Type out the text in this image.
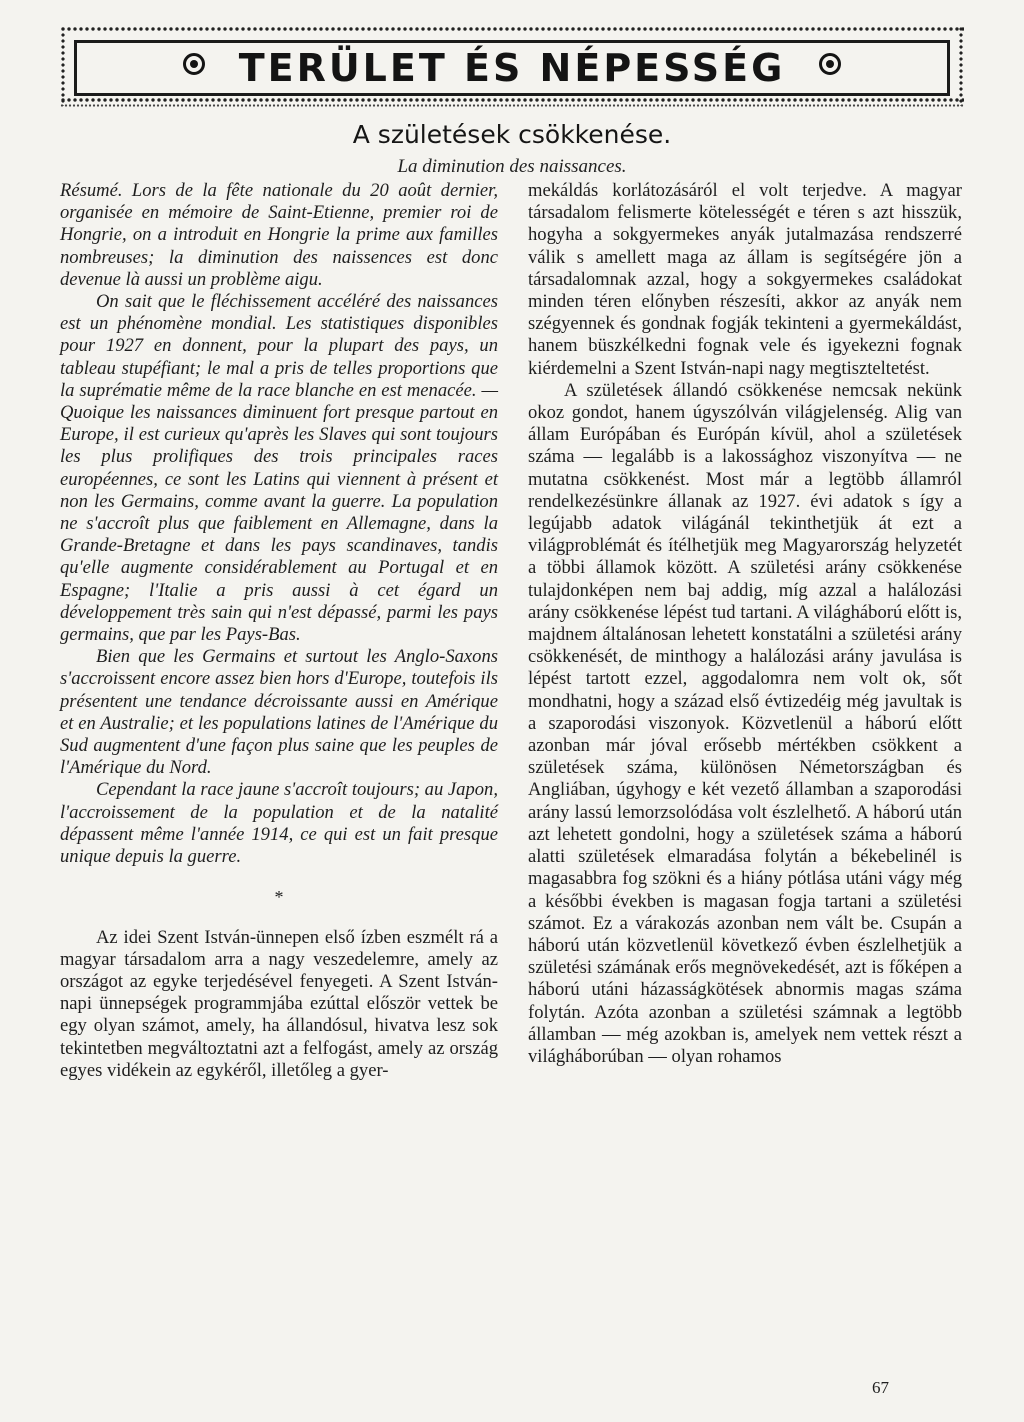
TERÜLET ÉS NÉPESSÉG
A születések csökkenése.
La diminution des naissances.

Résumé. Lors de la fête nationale du 20 août dernier, organisée en mémoire de Saint-Etienne, premier roi de Hongrie, on a introduit en Hongrie la prime aux familles nombreuses; la diminution des naissences est donc devenue là aussi un problème aigu.

On sait que le fléchissement accéléré des naissances est un phénomène mondial. Les statistiques disponibles pour 1927 en donnent, pour la plupart des pays, un tableau stupéfiant; le mal a pris de telles proportions que la suprématie même de la race blanche en est menacée. — Quoique les naissances diminuent fort presque partout en Europe, il est curieux qu'après les Slaves qui sont toujours les plus prolifiques des trois principales races européennes, ce sont les Latins qui viennent à présent et non les Germains, comme avant la guerre. La population ne s'accroît plus que faiblement en Allemagne, dans la Grande-Bretagne et dans les pays scandinaves, tandis qu'elle augmente considérablement au Portugal et en Espagne; l'Italie a pris aussi à cet égard un développement très sain qui n'est dépassé, parmi les pays germains, que par les Pays-Bas.

Bien que les Germains et surtout les Anglo-Saxons s'accroissent encore assez bien hors d'Europe, toutefois ils présentent une tendance décroissante aussi en Amérique et en Australie; et les populations latines de l'Amérique du Sud augmentent d'une façon plus saine que les peuples de l'Amérique du Nord.

Cependant la race jaune s'accroît toujours; au Japon, l'accroissement de la population et de la natalité dépassent même l'année 1914, ce qui est un fait presque unique depuis la guerre.

*

Az idei Szent István-ünnepen első ízben eszmélt rá a magyar társadalom arra a nagy veszedelemre, amely az országot az egyke terjedésével fenyegeti. A Szent István-napi ünnepségek programmjába ezúttal először vettek be egy olyan számot, amely, ha állandósul, hivatva lesz sok tekintetben megváltoztatni azt a felfogást, amely az ország egyes vidékein az egykéről, illetőleg a gyer-

mekáldás korlátozásáról el volt terjedve. A magyar társadalom felismerte kötelességét e téren s azt hisszük, hogyha a sokgyermekes anyák jutalmazása rendszerré válik s amellett maga az állam is segítségére jön a társadalomnak azzal, hogy a sokgyermekes családokat minden téren előnyben részesíti, akkor az anyák nem szégyennek és gondnak fogják tekinteni a gyermekáldást, hanem büszkélkedni fognak vele és igyekezni fognak kiérdemelni a Szent István-napi nagy megtiszteltetést.

A születések állandó csökkenése nemcsak nekünk okoz gondot, hanem úgyszólván világjelenség. Alig van állam Európában és Európán kívül, ahol a születések száma — legalább is a lakossághoz viszonyítva — ne mutatna csökkenést. Most már a legtöbb államról rendelkezésünkre állanak az 1927. évi adatok s így a legújabb adatok világánál tekinthetjük át ezt a világproblémát és ítélhetjük meg Magyarország helyzetét a többi államok között. A születési arány csökkenése tulajdonképen nem baj addig, míg azzal a halálozási arány csökkenése lépést tud tartani. A világháború előtt is, majdnem általánosan lehetett konstatálni a születési arány csökkenését, de minthogy a halálozási arány javulása is lépést tartott ezzel, aggodalomra nem volt ok, sőt mondhatni, hogy a század első évtizedéig még javultak is a szaporodási viszonyok. Közvetlenül a háború előtt azonban már jóval erősebb mértékben csökkent a születések száma, különösen Németországban és Angliában, úgyhogy e két vezető államban a szaporodási arány lassú lemorzsolódása volt észlelhető. A háború után azt lehetett gondolni, hogy a születések száma a háború alatti születések elmaradása folytán a békebelinél is magasabbra fog szökni és a hiány pótlása utáni vágy még a későbbi években is magasan fogja tartani a születési számot. Ez a várakozás azonban nem vált be. Csupán a háború után közvetlenül következő évben észlelhetjük a születési számának erős megnövekedését, azt is főképen a háború utáni házasságkötések abnormis magas száma folytán. Azóta azonban a születési számnak a legtöbb államban — még azokban is, amelyek nem vettek részt a világháborúban — olyan rohamos

67
